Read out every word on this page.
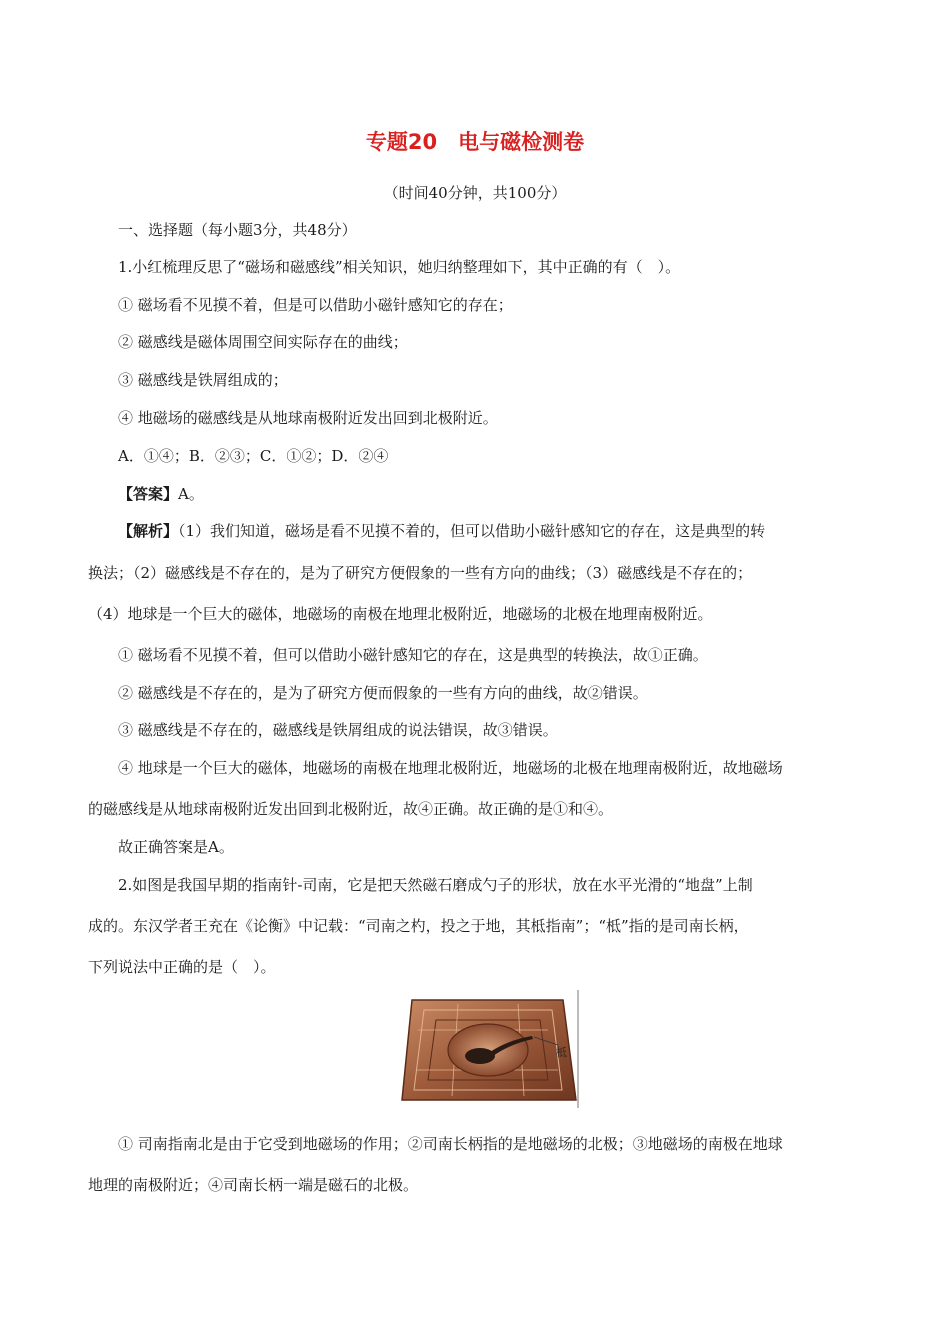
专题20　电与磁检测卷
（时间40分钟，共100分）
一、选择题（每小题3分，共48分）
1.小红梳理反思了“磁场和磁感线”相关知识，她归纳整理如下，其中正确的有（　）。
① 磁场看不见摸不着，但是可以借助小磁针感知它的存在；
② 磁感线是磁体周围空间实际存在的曲线；
③ 磁感线是铁屑组成的；
④ 地磁场的磁感线是从地球南极附近发出回到北极附近。
A．①④；B．②③；C．①②；D．②④
【答案】A。
【解析】（1）我们知道，磁场是看不见摸不着的，但可以借助小磁针感知它的存在，这是典型的转
换法；（2）磁感线是不存在的，是为了研究方便假象的一些有方向的曲线；（3）磁感线是不存在的；
（4）地球是一个巨大的磁体，地磁场的南极在地理北极附近，地磁场的北极在地理南极附近。
① 磁场看不见摸不着，但可以借助小磁针感知它的存在，这是典型的转换法，故①正确。
② 磁感线是不存在的，是为了研究方便而假象的一些有方向的曲线，故②错误。
③ 磁感线是不存在的，磁感线是铁屑组成的说法错误，故③错误。
④ 地球是一个巨大的磁体，地磁场的南极在地理北极附近，地磁场的北极在地理南极附近，故地磁场
的磁感线是从地球南极附近发出回到北极附近，故④正确。故正确的是①和④。
故正确答案是A。
2.如图是我国早期的指南针-司南，它是把天然磁石磨成勺子的形状，放在水平光滑的“地盘”上制
成的。东汉学者王充在《论衡》中记载：“司南之杓，投之于地，其柢指南”；“柢”指的是司南长柄，
下列说法中正确的是（　）。
柢
① 司南指南北是由于它受到地磁场的作用；②司南长柄指的是地磁场的北极；③地磁场的南极在地球
地理的南极附近；④司南长柄一端是磁石的北极。
